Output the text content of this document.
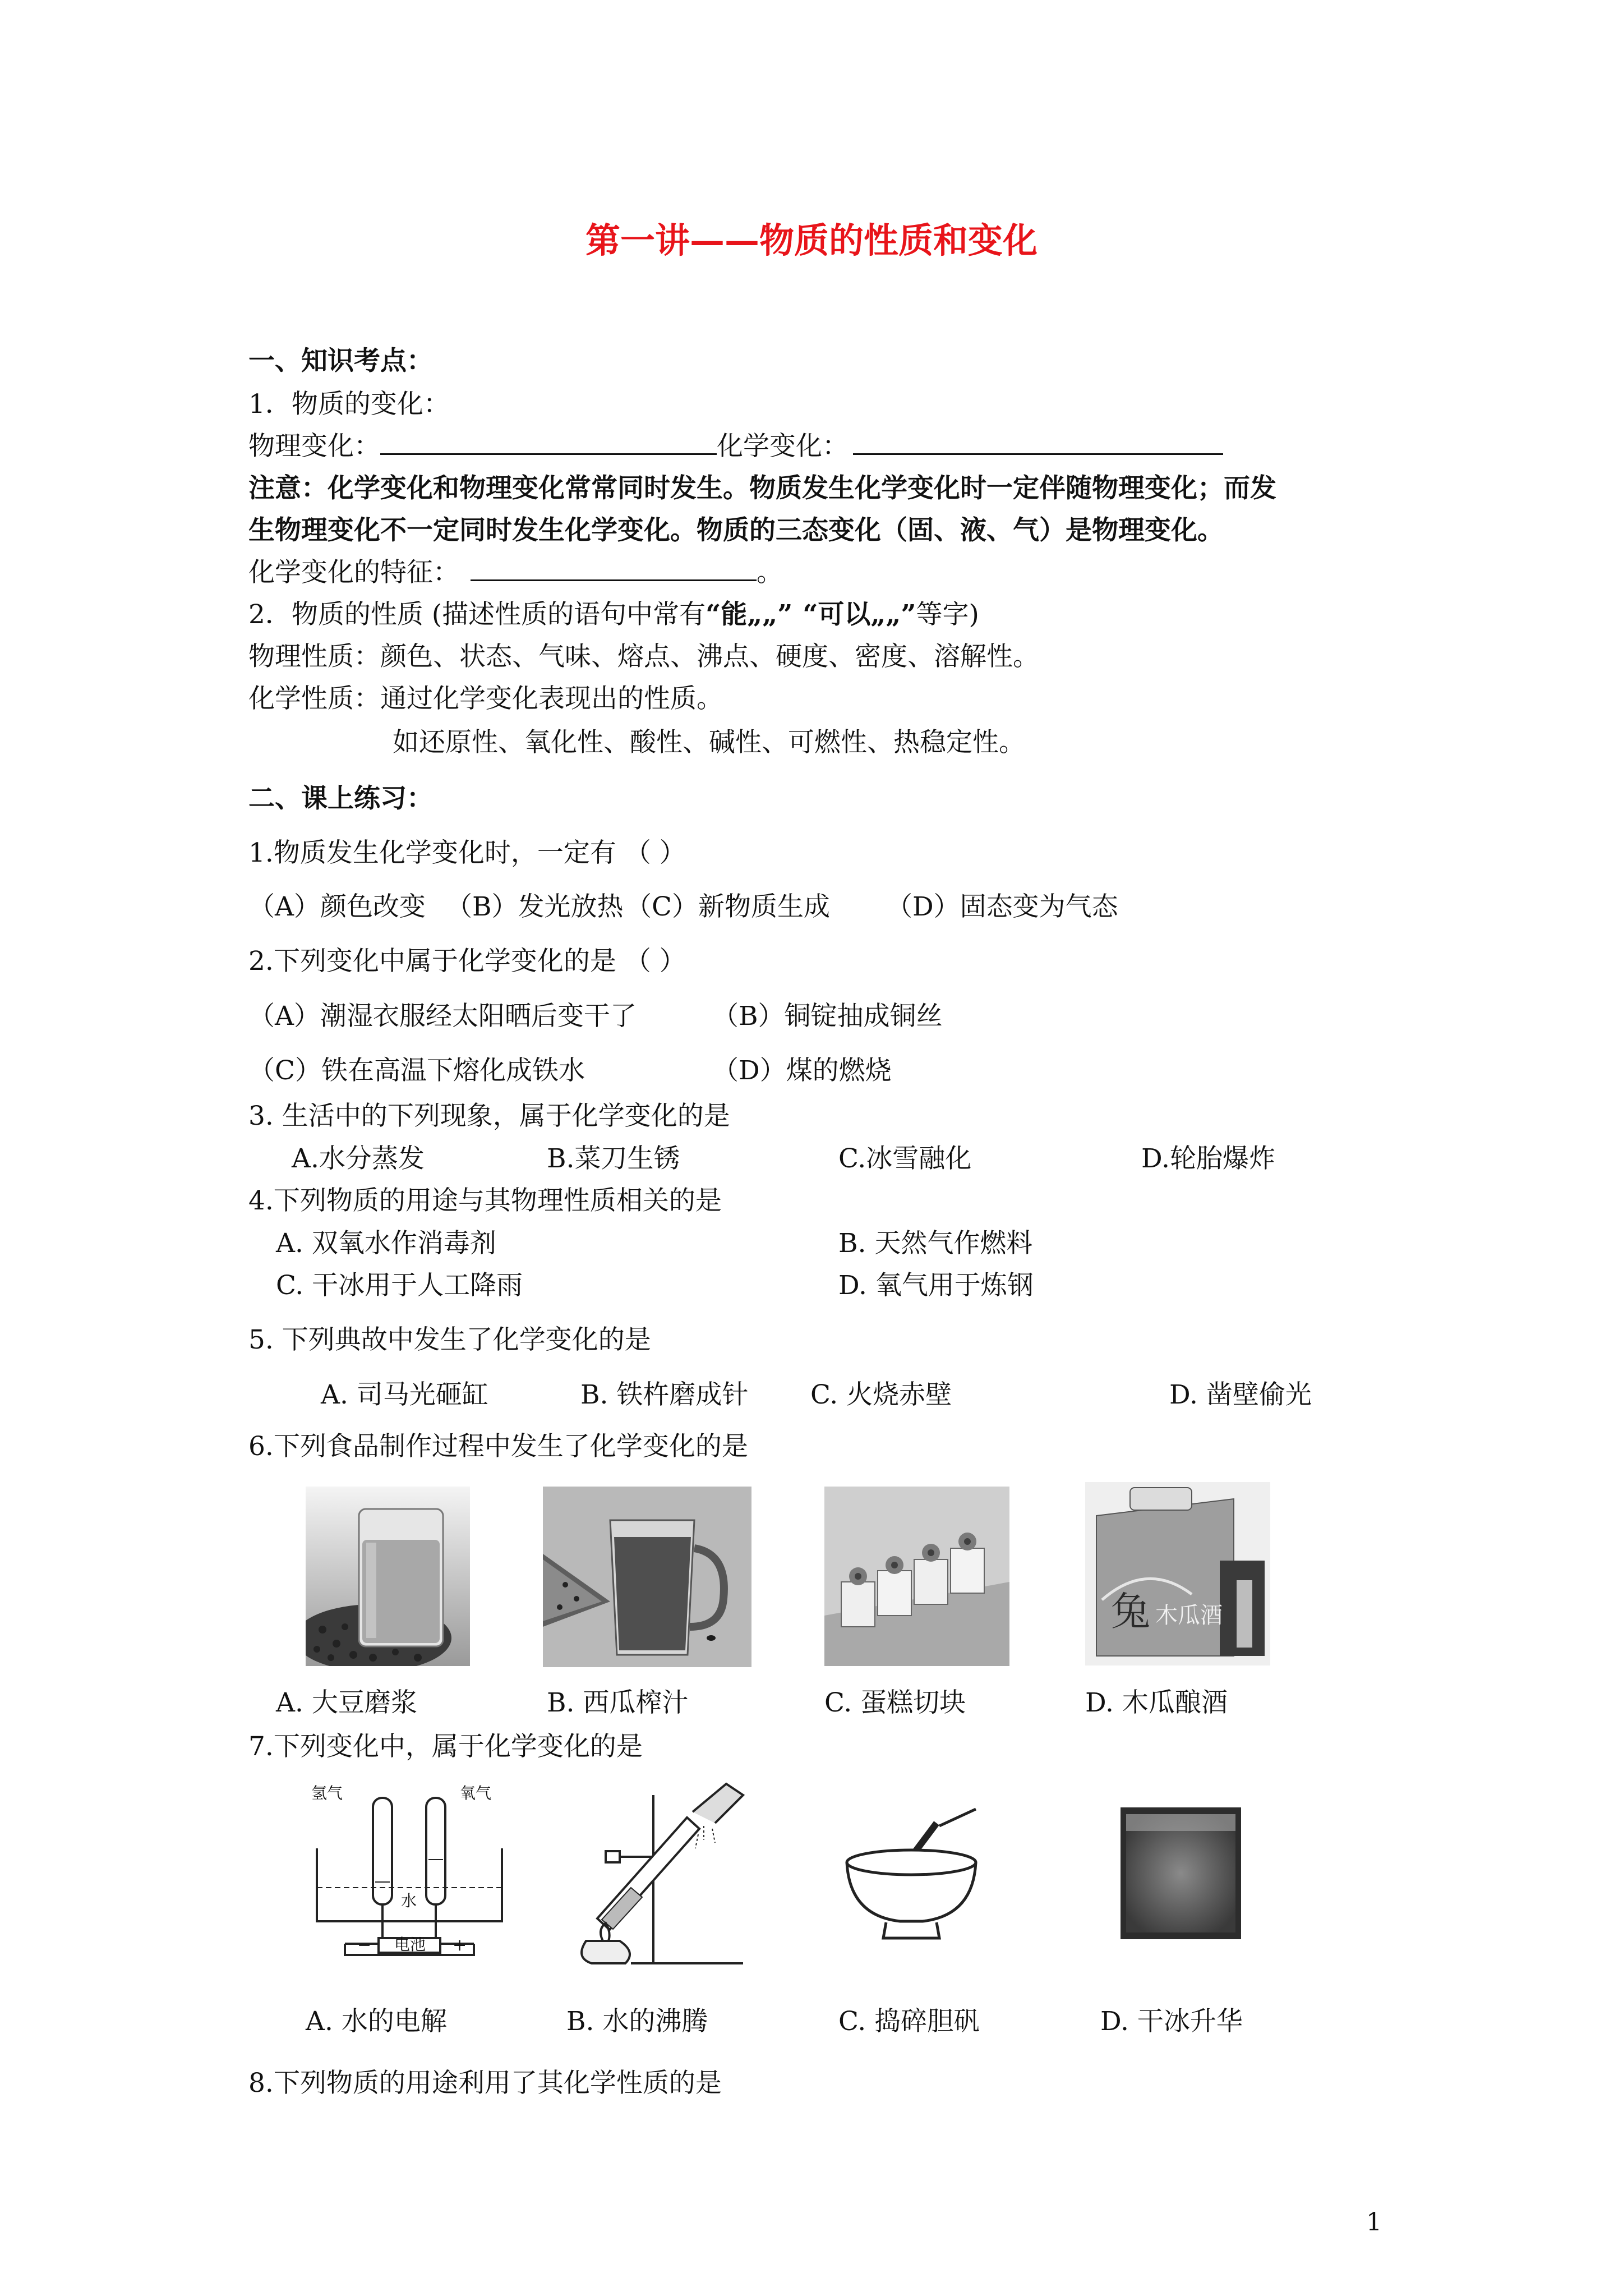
第一讲——物质的性质和变化
一、知识考点：
1．物质的变化：
物理变化：	化学变化：
注意：化学变化和物理变化常常同时发生。物质发生化学变化时一定伴随物理变化；而发
生物理变化不一定同时发生化学变化。物质的三态变化（固、液、气）是物理变化。
化学变化的特征：	。
2．物质的性质 (描述性质的语句中常有“能„„” “可以„„”等字)
物理性质：颜色、状态、气味、熔点、沸点、硬度、密度、溶解性。
化学性质：通过化学变化表现出的性质。
如还原性、氧化性、酸性、碱性、可燃性、热稳定性。
二、课上练习：
1.物质发生化学变化时，一定有 （ ）
（A）颜色改变 （B）发光放热 （C）新物质生成 （D）固态变为气态
2.下列变化中属于化学变化的是 （ ）
（A）潮湿衣服经太阳晒后变干了	（B）铜锭抽成铜丝
（C）铁在高温下熔化成铁水	（D）煤的燃烧
3. 生活中的下列现象，属于化学变化的是
A.水分蒸发	B.菜刀生锈	C.冰雪融化	D.轮胎爆炸
4.下列物质的用途与其物理性质相关的是
A. 双氧水作消毒剂	B. 天然气作燃料
C. 干冰用于人工降雨	D. 氧气用于炼钢
5. 下列典故中发生了化学变化的是
A. 司马光砸缸	B. 铁杵磨成针 C. 火烧赤壁	D. 凿壁偷光
6.下列食品制作过程中发生了化学变化的是
木瓜酒
兔
A. 大豆磨浆	B. 西瓜榨汁	C. 蛋糕切块	D. 木瓜酿酒
7.下列变化中，属于化学变化的是
氢气	氧气
水
电池
−	+
A. 水的电解	B. 水的沸腾	C. 捣碎胆矾	D. 干冰升华
8.下列物质的用途利用了其化学性质的是
1
